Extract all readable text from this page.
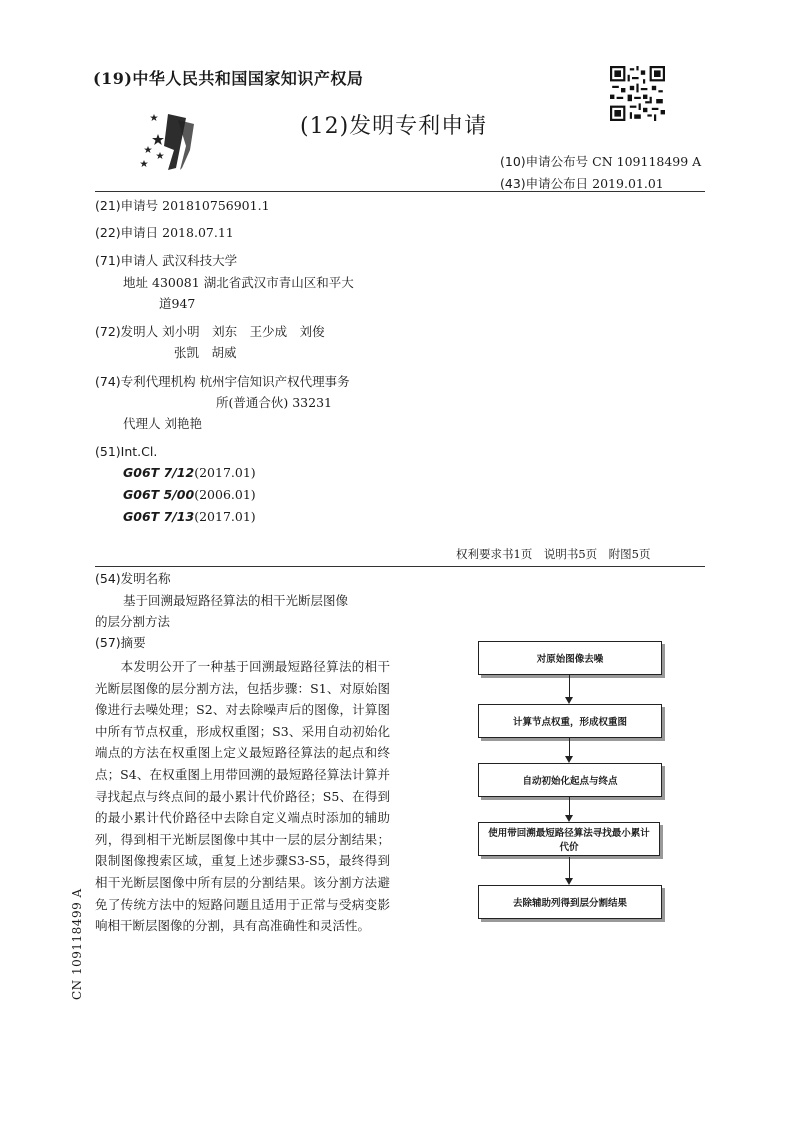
(19)中华人民共和国国家知识产权局
(12)发明专利申请
(10)申请公布号 CN 109118499 A
(43)申请公布日 2019.01.01
(21)申请号 201810756901.1
(22)申请日 2018.07.11
(71)申请人 武汉科技大学
地址 430081 湖北省武汉市青山区和平大
道947
(72)发明人 刘小明　刘东　王少成　刘俊
张凯　胡威
(74)专利代理机构 杭州宇信知识产权代理事务
所(普通合伙) 33231
代理人 刘艳艳
(51)Int.Cl.
G06T 7/12(2017.01)
G06T 5/00(2006.01)
G06T 7/13(2017.01)
权利要求书1页　说明书5页　附图5页
(54)发明名称
基于回溯最短路径算法的相干光断层图像
的层分割方法
(57)摘要
　　本发明公开了一种基于回溯最短路径算法的相干光断层图像的层分割方法，包括步骤：S1、对原始图像进行去噪处理；S2、对去除噪声后的图像，计算图中所有节点权重，形成权重图；S3、采用自动初始化端点的方法在权重图上定义最短路径算法的起点和终点；S4、在权重图上用带回溯的最短路径算法计算并寻找起点与终点间的最小累计代价路径；S5、在得到的最小累计代价路径中去除自定义端点时添加的辅助列，得到相干光断层图像中其中一层的层分割结果；限制图像搜索区域，重复上述步骤S3-S5，最终得到相干光断层图像中所有层的分割结果。该分割方法避免了传统方法中的短路问题且适用于正常与受病变影响相干断层图像的分割，具有高准确性和灵活性。
CN 109118499 A
对原始图像去噪
计算节点权重，形成权重图
自动初始化起点与终点
使用带回溯最短路径算法寻找最小累计代价
去除辅助列得到层分割结果
